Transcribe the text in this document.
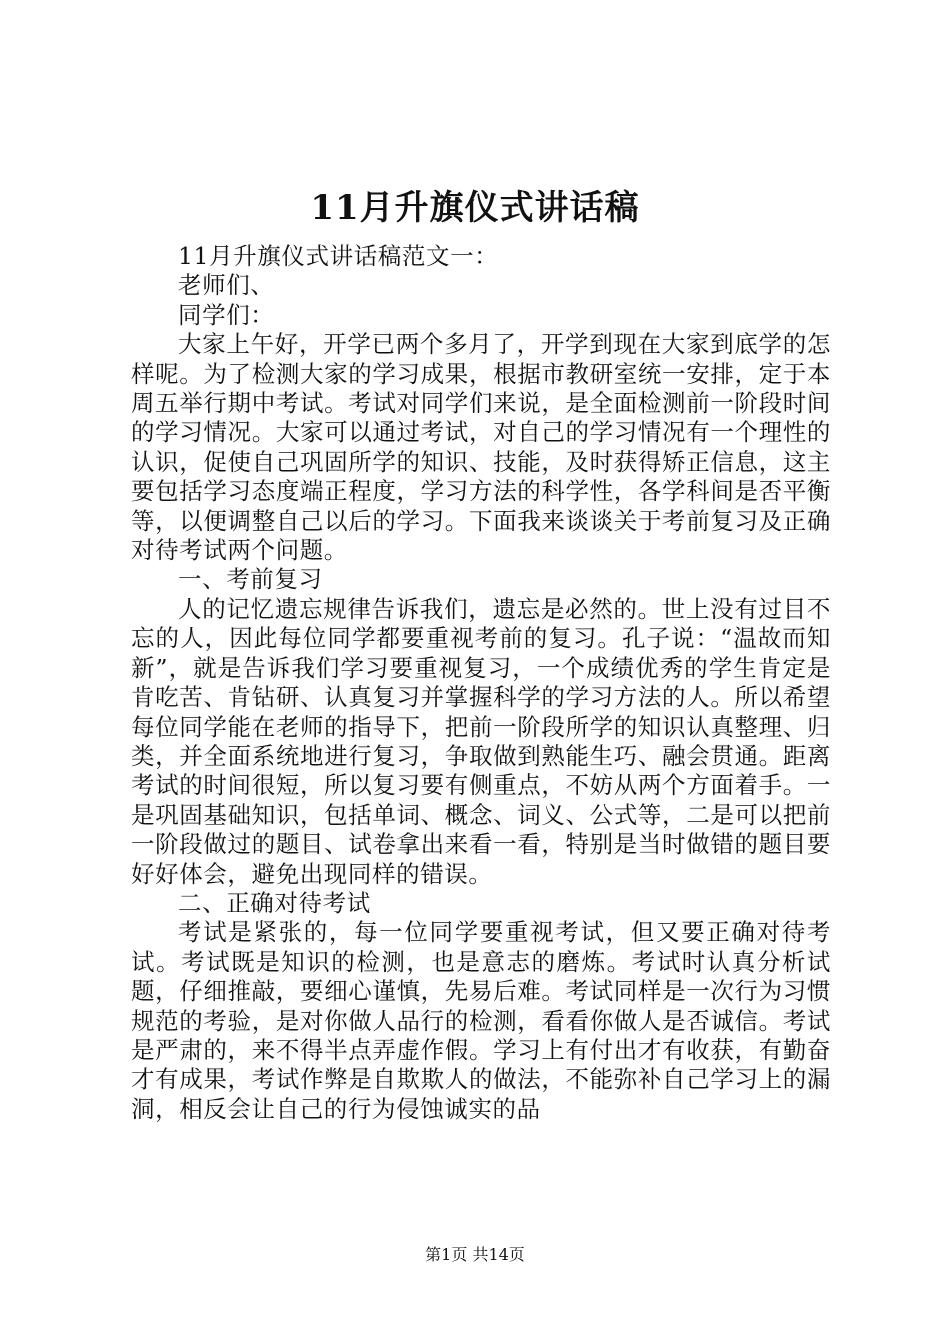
11月升旗仪式讲话稿

11月升旗仪式讲话稿范文一：

老师们、

同学们：

大家上午好，开学已两个多月了，开学到现在大家到底学的怎样呢。为了检测大家的学习成果，根据市教研室统一安排，定于本周五举行期中考试。考试对同学们来说，是全面检测前一阶段时间的学习情况。大家可以通过考试，对自己的学习情况有一个理性的认识，促使自己巩固所学的知识、技能，及时获得矫正信息，这主要包括学习态度端正程度，学习方法的科学性，各学科间是否平衡等，以便调整自己以后的学习。下面我来谈谈关于考前复习及正确对待考试两个问题。

一、考前复习

人的记忆遗忘规律告诉我们，遗忘是必然的。世上没有过目不忘的人，因此每位同学都要重视考前的复习。孔子说：“温故而知新”，就是告诉我们学习要重视复习，一个成绩优秀的学生肯定是肯吃苦、肯钻研、认真复习并掌握科学的学习方法的人。所以希望每位同学能在老师的指导下，把前一阶段所学的知识认真整理、归类，并全面系统地进行复习，争取做到熟能生巧、融会贯通。距离考试的时间很短，所以复习要有侧重点，不妨从两个方面着手。一是巩固基础知识，包括单词、概念、词义、公式等，二是可以把前一阶段做过的题目、试卷拿出来看一看，特别是当时做错的题目要好好体会，避免出现同样的错误。

二、正确对待考试

考试是紧张的，每一位同学要重视考试，但又要正确对待考试。考试既是知识的检测，也是意志的磨炼。考试时认真分析试题，仔细推敲，要细心谨慎，先易后难。考试同样是一次行为习惯规范的考验，是对你做人品行的检测，看看你做人是否诚信。考试是严肃的，来不得半点弄虚作假。学习上有付出才有收获，有勤奋才有成果，考试作弊是自欺欺人的做法，不能弥补自己学习上的漏洞，相反会让自己的行为侵蚀诚实的品

第1页 共14页
